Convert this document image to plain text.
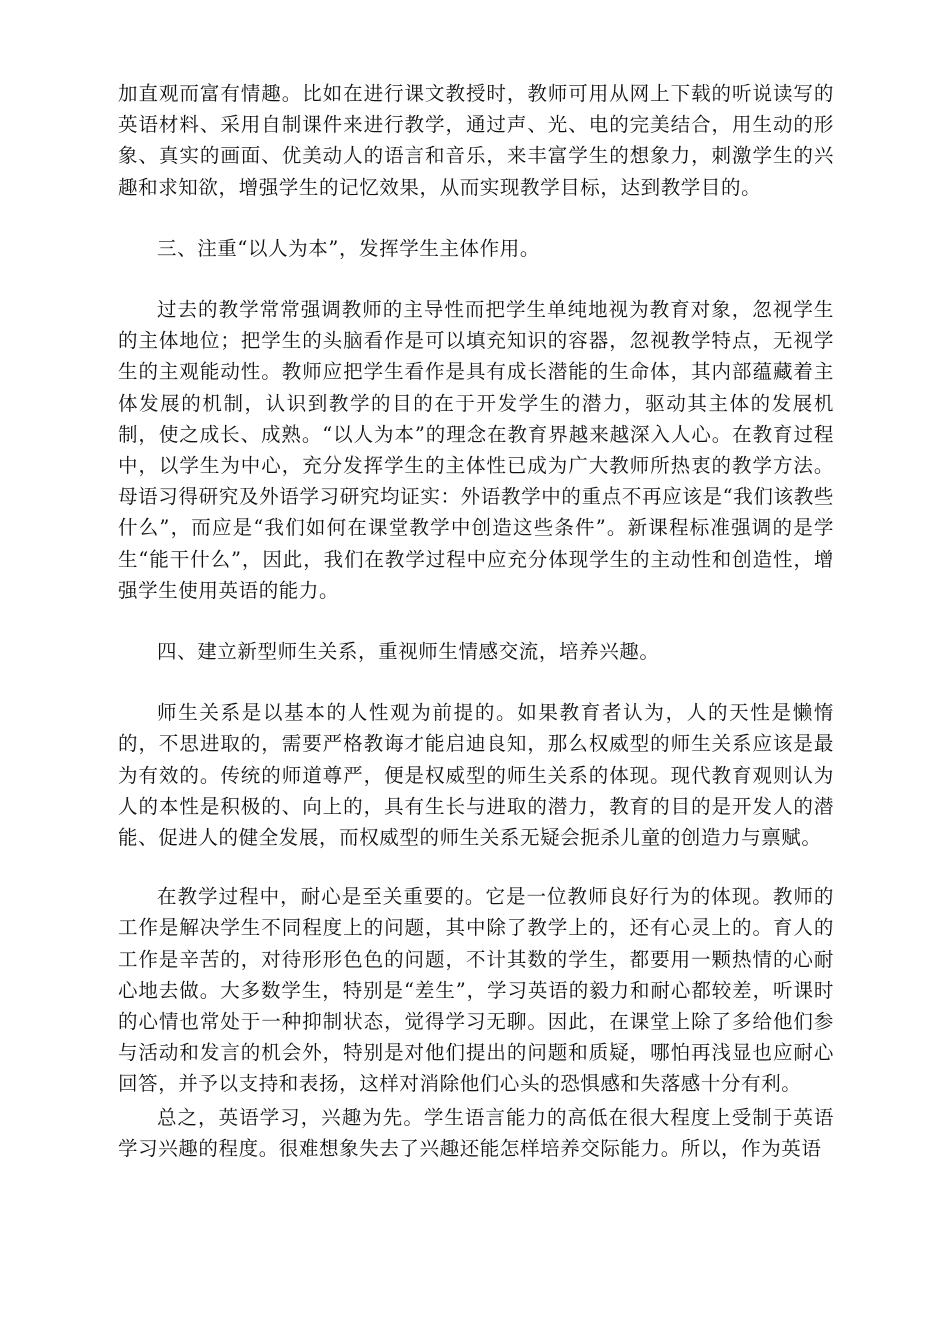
加直观而富有情趣。比如在进行课文教授时，教师可用从网上下载的听说读写的英语材料、采用自制课件来进行教学，通过声、光、电的完美结合，用生动的形象、真实的画面、优美动人的语言和音乐，来丰富学生的想象力，刺激学生的兴趣和求知欲，增强学生的记忆效果，从而实现教学目标，达到教学目的。

三、注重“以人为本”，发挥学生主体作用。

过去的教学常常强调教师的主导性而把学生单纯地视为教育对象，忽视学生的主体地位；把学生的头脑看作是可以填充知识的容器，忽视教学特点，无视学生的主观能动性。教师应把学生看作是具有成长潜能的生命体，其内部蕴藏着主体发展的机制，认识到教学的目的在于开发学生的潜力，驱动其主体的发展机制，使之成长、成熟。“以人为本”的理念在教育界越来越深入人心。在教育过程中，以学生为中心，充分发挥学生的主体性已成为广大教师所热衷的教学方法。母语习得研究及外语学习研究均证实：外语教学中的重点不再应该是“我们该教些什么”，而应是“我们如何在课堂教学中创造这些条件”。新课程标准强调的是学生“能干什么”，因此，我们在教学过程中应充分体现学生的主动性和创造性，增强学生使用英语的能力。

四、建立新型师生关系，重视师生情感交流，培养兴趣。

师生关系是以基本的人性观为前提的。如果教育者认为，人的天性是懒惰的，不思进取的，需要严格教诲才能启迪良知，那么权威型的师生关系应该是最为有效的。传统的师道尊严，便是权威型的师生关系的体现。现代教育观则认为人的本性是积极的、向上的，具有生长与进取的潜力，教育的目的是开发人的潜能、促进人的健全发展，而权威型的师生关系无疑会扼杀儿童的创造力与禀赋。

在教学过程中，耐心是至关重要的。它是一位教师良好行为的体现。教师的工作是解决学生不同程度上的问题，其中除了教学上的，还有心灵上的。育人的工作是辛苦的，对待形形色色的问题，不计其数的学生，都要用一颗热情的心耐心地去做。大多数学生，特别是“差生”，学习英语的毅力和耐心都较差，听课时的心情也常处于一种抑制状态，觉得学习无聊。因此，在课堂上除了多给他们参与活动和发言的机会外，特别是对他们提出的问题和质疑，哪怕再浅显也应耐心回答，并予以支持和表扬，这样对消除他们心头的恐惧感和失落感十分有利。

总之，英语学习，兴趣为先。学生语言能力的高低在很大程度上受制于英语学习兴趣的程度。很难想象失去了兴趣还能怎样培养交际能力。所以，作为英语
